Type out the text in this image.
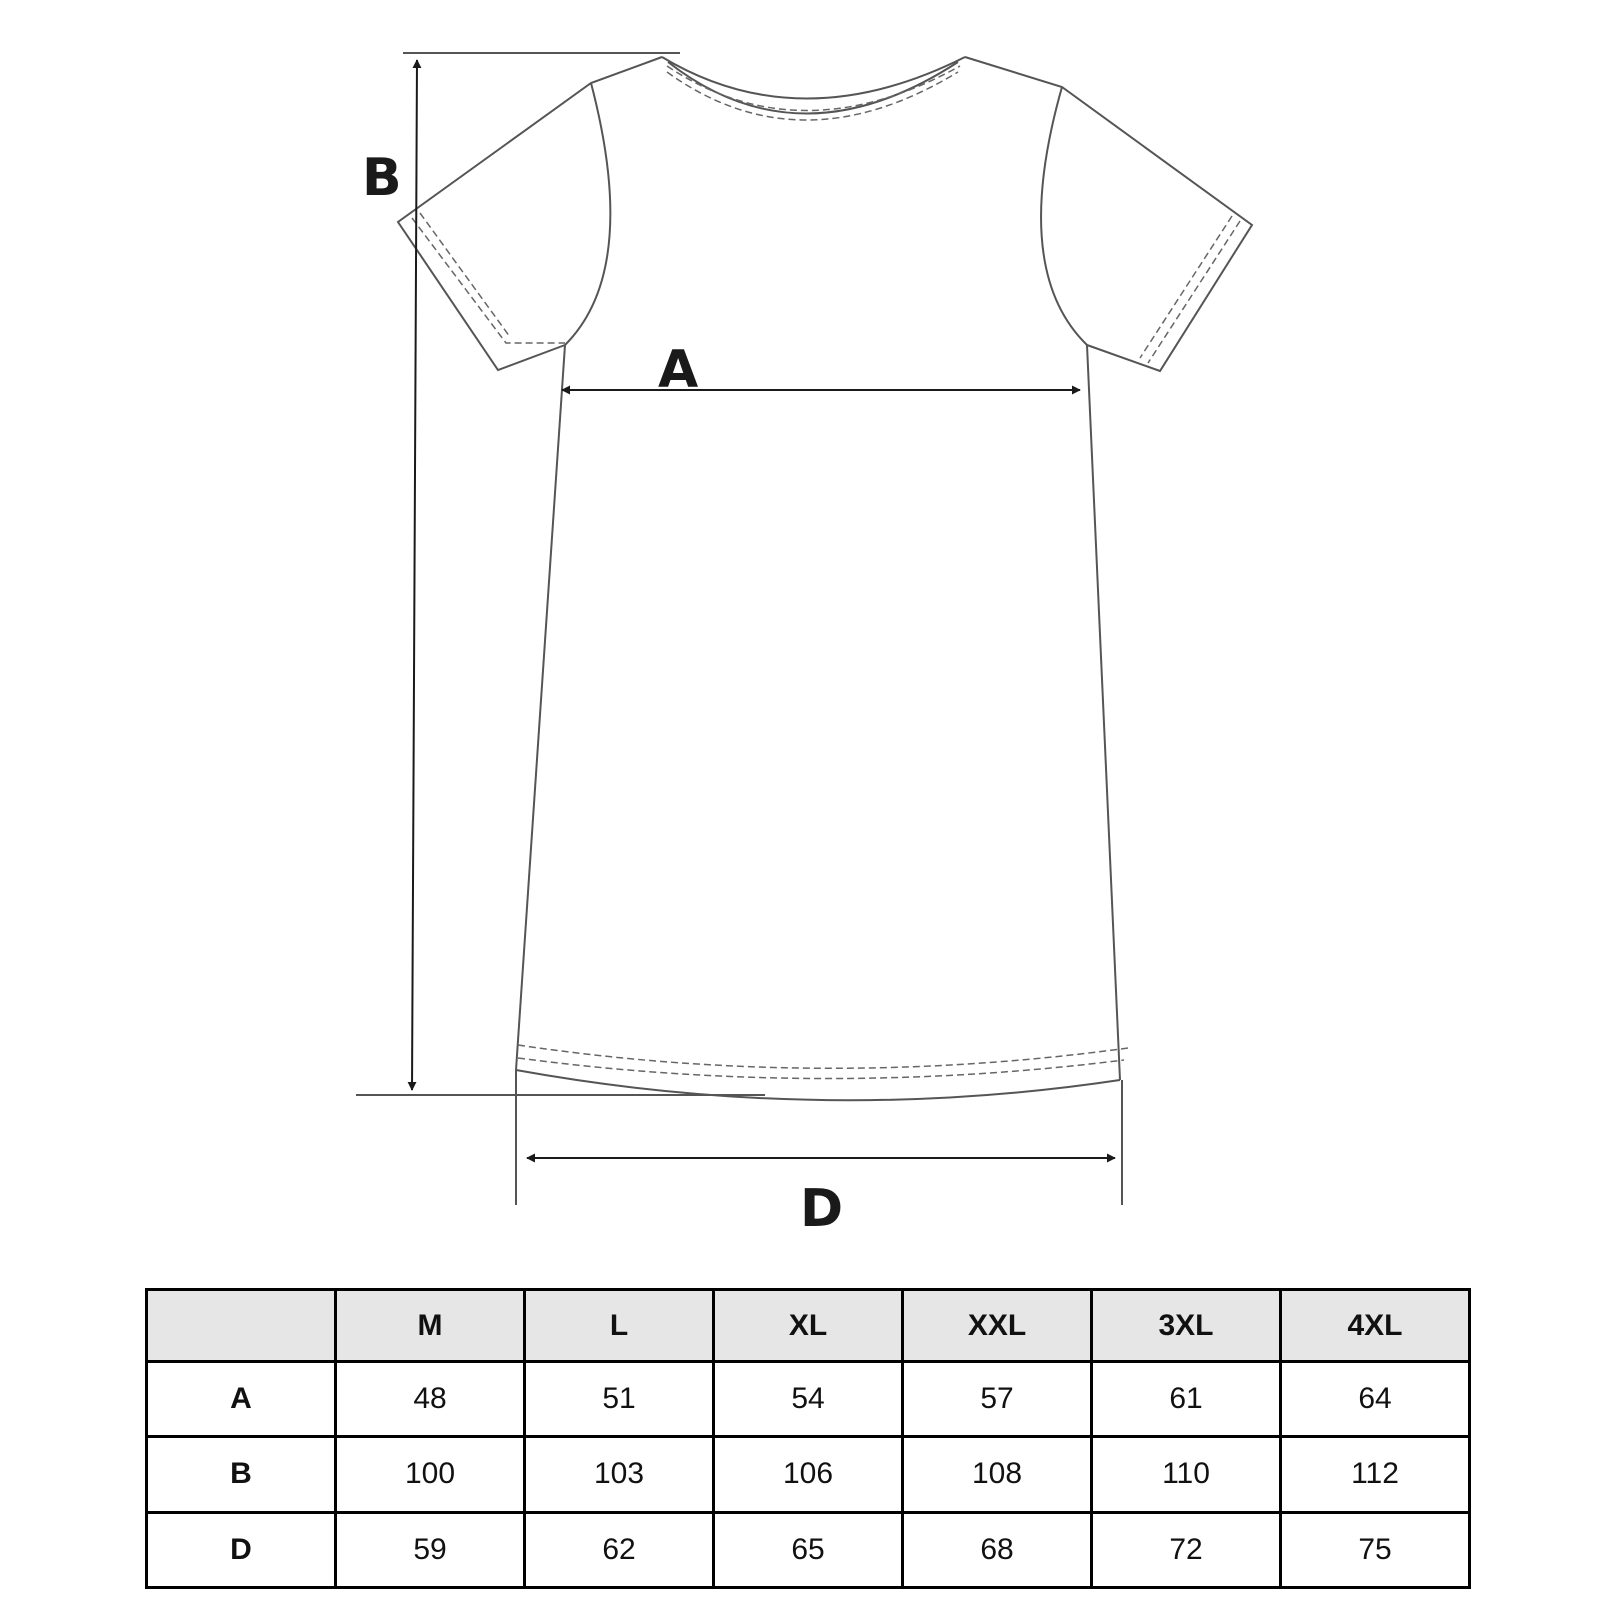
B
A
D
	M	L	XL	XXL	3XL	4XL
A	48	51	54	57	61	64
B	100	103	106	108	110	112
D	59	62	65	68	72	75
